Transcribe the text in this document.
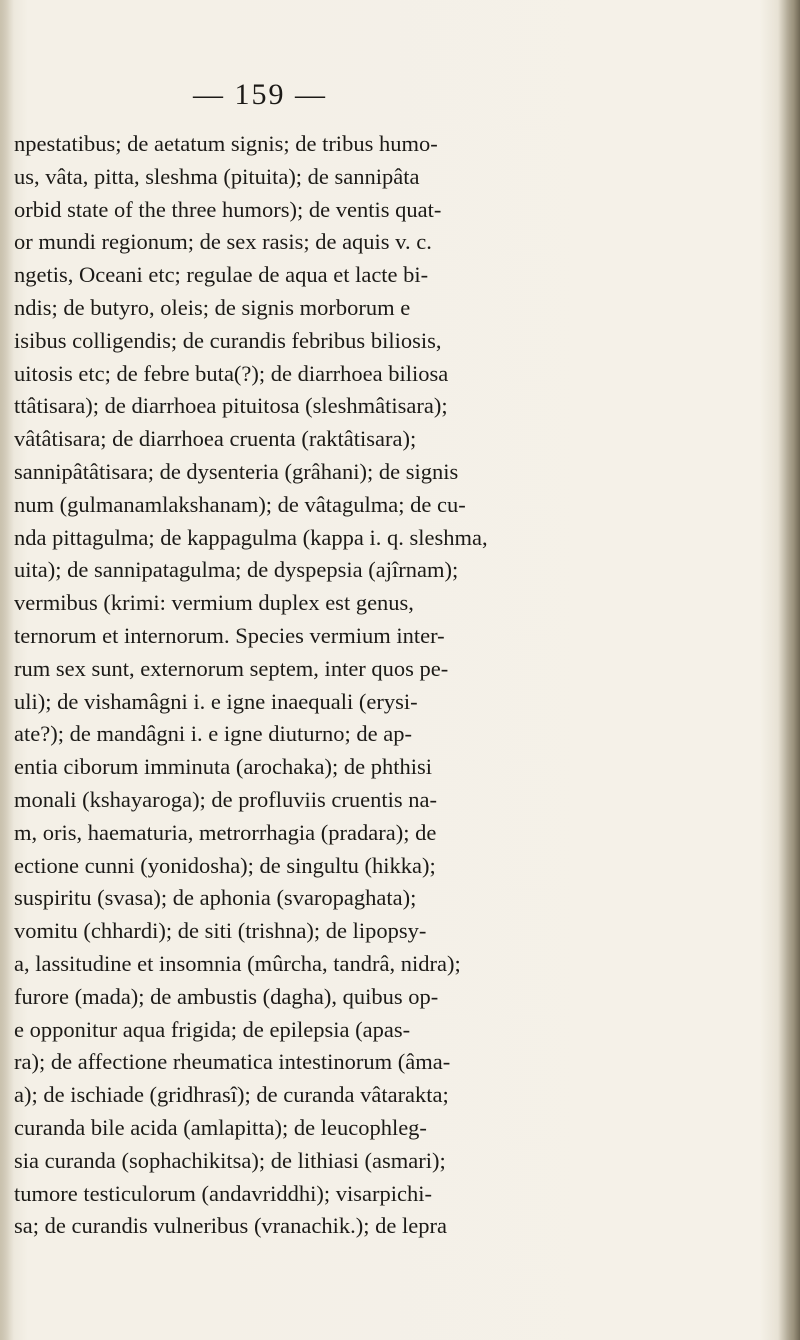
— 159 —
npestatibus; de aetatum signis; de tribus humo-
us, vâta, pitta, sleshma (pituita); de sannipâta
orbid state of the three humors); de ventis quat-
or mundi regionum; de sex rasis; de aquis v. c.
ngetis, Oceani etc; regulae de aqua et lacte bi-
ndis; de butyro, oleis; de signis morborum e
isibus colligendis; de curandis febribus biliosis,
uitosis etc; de febre buta(?); de diarrhoea biliosa
ttâtisara); de diarrhoea pituitosa (sleshmâtisara);
vâtâtisara; de diarrhoea cruenta (raktâtisara);
sannipâtâtisara; de dysenteria (grâhani); de signis
num (gulmanamlakshanam); de vâtagulma; de cu-
nda pittagulma; de kappagulma (kappa i. q. sleshma,
uita); de sannipatagulma; de dyspepsia (ajîrnam);
vermibus (krimi: vermium duplex est genus,
ternorum et internorum. Species vermium inter-
rum sex sunt, externorum septem, inter quos pe-
uli); de vishamâgni i. e igne inaequali (erysi-
ate?); de mandâgni i. e igne diuturno; de ap-
entia ciborum imminuta (arochaka); de phthisi
monali (kshayaroga); de profluviis cruentis na-
m, oris, haematuria, metrorrhagia (pradara); de
ectione cunni (yonidosha); de singultu (hikka);
suspiritu (svasa); de aphonia (svaropaghata);
vomitu (chhardi); de siti (trishna); de lipopsy-
a, lassitudine et insomnia (mûrcha, tandrâ, nidra);
furore (mada); de ambustis (dagha), quibus op-
e opponitur aqua frigida; de epilepsia (apas-
ra); de affectione rheumatica intestinorum (âma-
a); de ischiade (gridhrasî); de curanda vâtarakta;
curanda bile acida (amlapitta); de leucophleg-
sia curanda (sophachikitsa); de lithiasi (asmari);
tumore testiculorum (andavriddhi); visarpichi-
sa; de curandis vulneribus (vranachik.); de lepra
